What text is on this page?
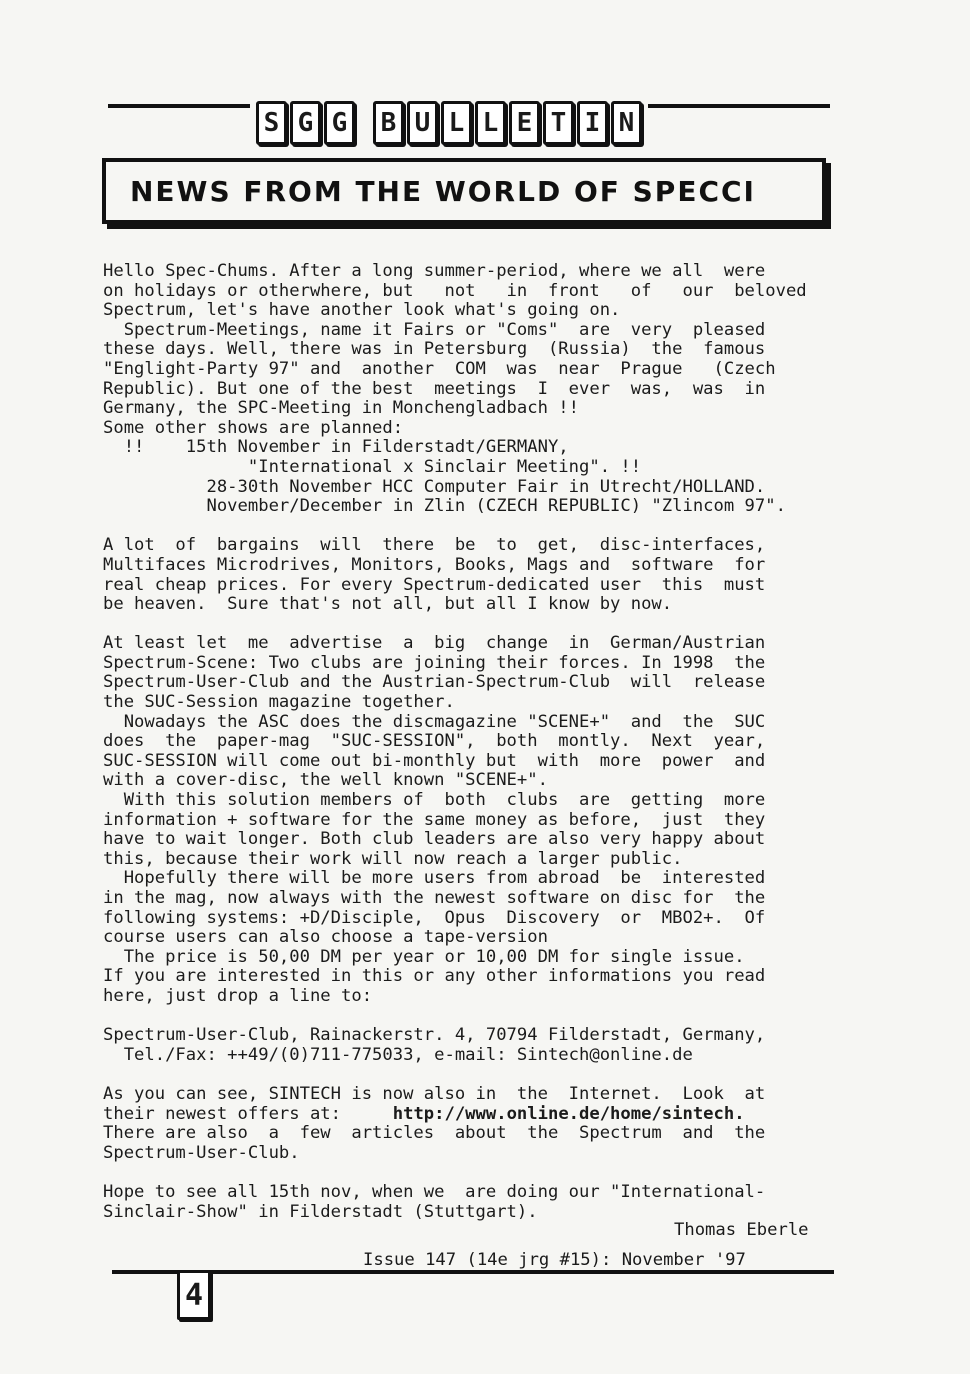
S G G B U L L E T I N
NEWS FROM THE WORLD OF SPECCI
Hello Spec-Chums. After a long summer-period, where we all  were
on holidays or otherwhere, but   not   in  front   of   our  beloved
Spectrum, let's have another look what's going on.
Spectrum-Meetings, name it Fairs or "Coms"  are  very  pleased
these days. Well, there was in Petersburg  (Russia)  the  famous
"Englight-Party 97" and  another  COM  was  near  Prague   (Czech
Republic). But one of the best  meetings  I  ever  was,  was  in
Germany, the SPC-Meeting in Monchengladbach !!
Some other shows are planned:
!!    15th November in Filderstadt/GERMANY,
"International x Sinclair Meeting". !!
28-30th November HCC Computer Fair in Utrecht/HOLLAND.
November/December in Zlin (CZECH REPUBLIC) "Zlincom 97".
A lot  of  bargains  will  there  be  to  get,  disc-interfaces,
Multifaces Microdrives, Monitors, Books, Mags and  software  for
real cheap prices. For every Spectrum-dedicated user  this  must
be heaven.  Sure that's not all, but all I know by now.
At least let  me  advertise  a  big  change  in  German/Austrian
Spectrum-Scene: Two clubs are joining their forces. In 1998  the
Spectrum-User-Club and the Austrian-Spectrum-Club  will  release
the SUC-Session magazine together.
Nowadays the ASC does the discmagazine "SCENE+"  and  the  SUC
does  the  paper-mag  "SUC-SESSION",  both  montly.  Next  year,
SUC-SESSION will come out bi-monthly but  with  more  power  and
with a cover-disc, the well known "SCENE+".
With this solution members of  both  clubs  are  getting  more
information + software for the same money as before,  just  they
have to wait longer. Both club leaders are also very happy about
this, because their work will now reach a larger public.
Hopefully there will be more users from abroad  be  interested
in the mag, now always with the newest software on disc for  the
following systems: +D/Disciple,  Opus  Discovery  or  MBO2+.  Of
course users can also choose a tape-version
The price is 50,00 DM per year or 10,00 DM for single issue.
If you are interested in this or any other informations you read
here, just drop a line to:
Spectrum-User-Club, Rainackerstr. 4, 70794 Filderstadt, Germany,
Tel./Fax: ++49/(0)711-775033, e-mail: Sintech@online.de
As you can see, SINTECH is now also in  the  Internet.  Look  at
their newest offers at:	http://www.online.de/home/sintech.
There are also  a  few  articles  about  the  Spectrum  and  the
Spectrum-User-Club.
Hope to see all 15th nov, when we  are doing our "International-
Sinclair-Show" in Filderstadt (Stuttgart).
Thomas Eberle
Issue 147 (14e jrg #15): November '97
4
